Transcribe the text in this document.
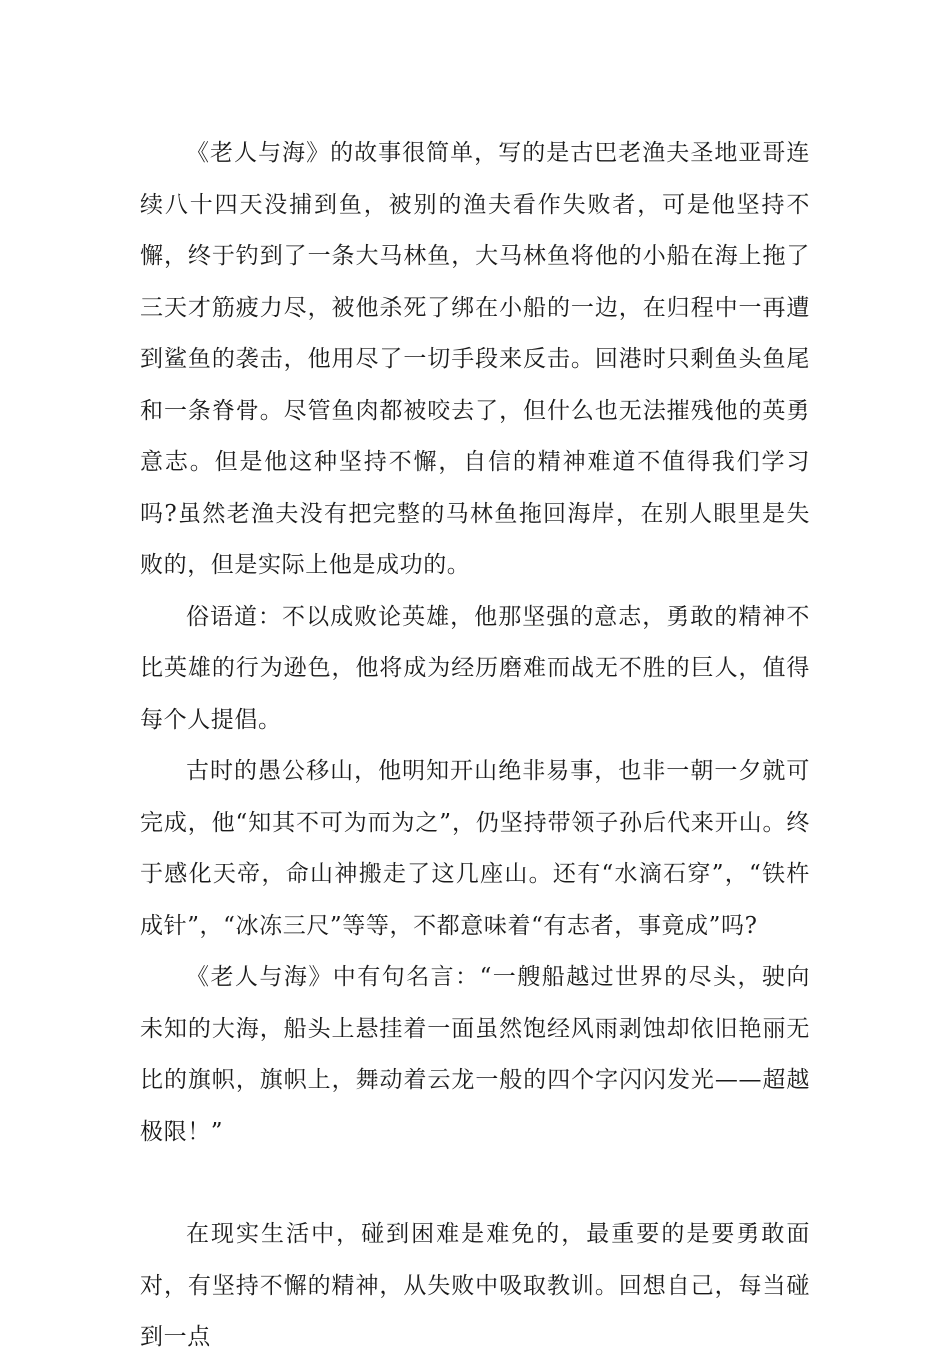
《老人与海》的故事很简单，写的是古巴老渔夫圣地亚哥连续八十四天没捕到鱼，被别的渔夫看作失败者，可是他坚持不懈，终于钓到了一条大马林鱼，大马林鱼将他的小船在海上拖了三天才筋疲力尽，被他杀死了绑在小船的一边，在归程中一再遭到鲨鱼的袭击，他用尽了一切手段来反击。回港时只剩鱼头鱼尾和一条脊骨。尽管鱼肉都被咬去了，但什么也无法摧残他的英勇意志。但是他这种坚持不懈，自信的精神难道不值得我们学习吗?虽然老渔夫没有把完整的马林鱼拖回海岸，在别人眼里是失败的，但是实际上他是成功的。

俗语道：不以成败论英雄，他那坚强的意志，勇敢的精神不比英雄的行为逊色，他将成为经历磨难而战无不胜的巨人，值得每个人提倡。

古时的愚公移山，他明知开山绝非易事，也非一朝一夕就可完成，他“知其不可为而为之”，仍坚持带领子孙后代来开山。终于感化天帝，命山神搬走了这几座山。还有“水滴石穿”，“铁杵成针”，“冰冻三尺”等等，不都意味着“有志者，事竟成”吗?

《老人与海》中有句名言：“一艘船越过世界的尽头，驶向未知的大海，船头上悬挂着一面虽然饱经风雨剥蚀却依旧艳丽无比的旗帜，旗帜上，舞动着云龙一般的四个字闪闪发光——超越极限！”

在现实生活中，碰到困难是难免的，最重要的是要勇敢面对，有坚持不懈的精神，从失败中吸取教训。回想自己，每当碰到一点
